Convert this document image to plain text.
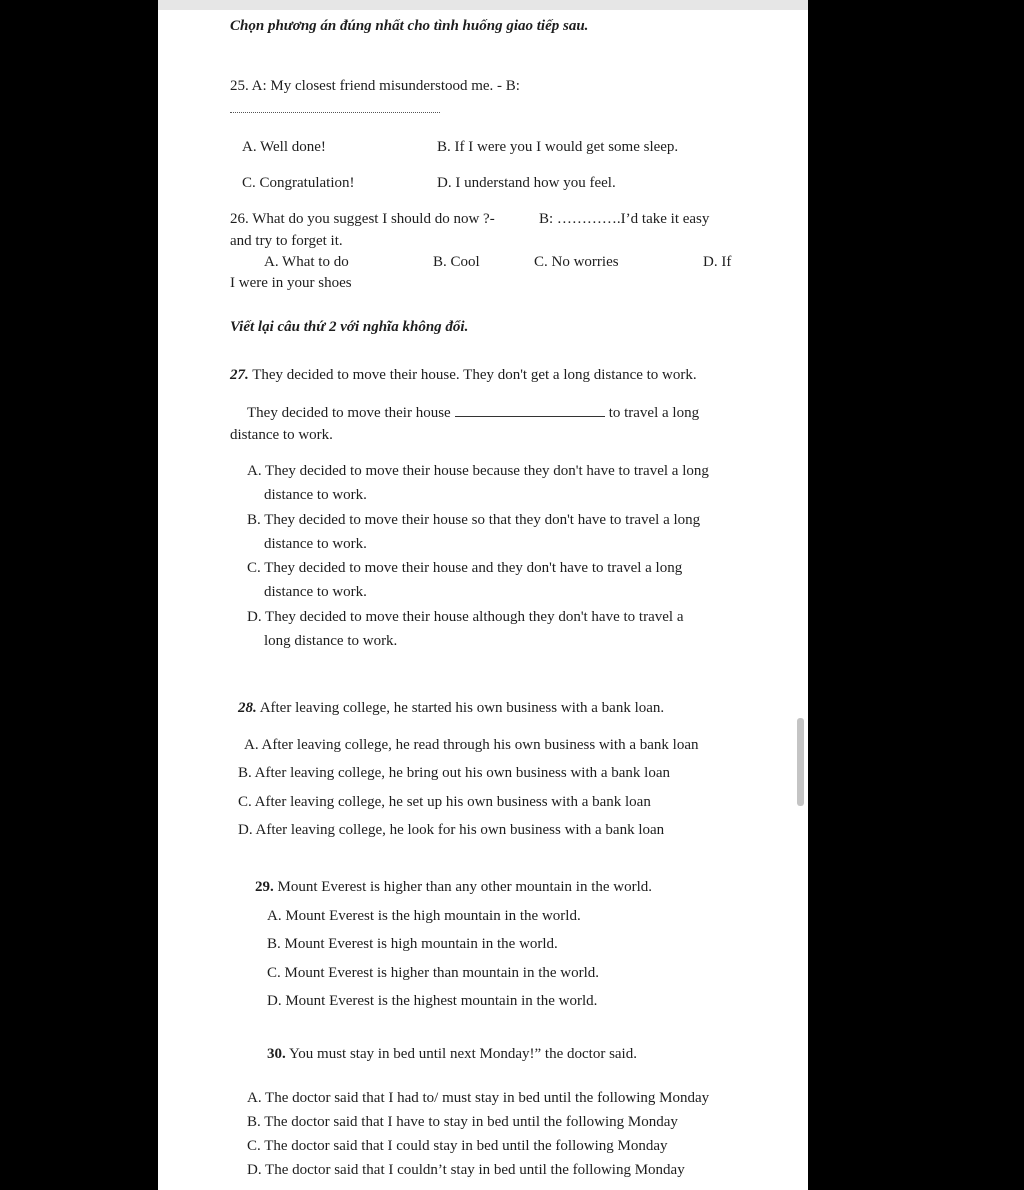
Chọn phương án đúng nhất cho tình huống giao tiếp sau.
25. A: My closest friend misunderstood me. - B:
A. Well done!	B. If I were you I would get some sleep.
C. Congratulation!	D. I understand how you feel.
26. What do you suggest I should do now ?-	B: ………….I’d take it easy
and try to forget it.
A. What to do	B. Cool	C. No worries	D. If
I were in your shoes
Viết lại câu thứ 2 với nghĩa không đổi.
27. They decided to move their house. They don't get a long distance to work.
They decided to move their house	to travel a long
distance to work.
A. They decided to move their house because they don't have to travel a long
distance to work.
B. They decided to move their house so that they don't have to travel a long
distance to work.
C. They decided to move their house and they don't have to travel a long
distance to work.
D. They decided to move their house although they don't have to travel a
long distance to work.
28. After leaving college, he started his own business with a bank loan.
A. After leaving college, he read through his own business with a bank loan
B. After leaving college, he bring out his own business with a bank loan
C. After leaving college, he set up his own business with a bank loan
D. After leaving college, he look for his own business with a bank loan
29. Mount Everest is higher than any other mountain in the world.
A. Mount Everest is the high mountain in the world.
B. Mount Everest is high mountain in the world.
C. Mount Everest is higher than mountain in the world.
D. Mount Everest is the highest mountain in the world.
30. You must stay in bed until next Monday!” the doctor said.
A. The doctor said that I had to/ must stay in bed until the following Monday
B. The doctor said that I have to stay in bed until the following Monday
C. The doctor said that I could stay in bed until the following Monday
D. The doctor said that I couldn’t stay in bed until the following Monday
